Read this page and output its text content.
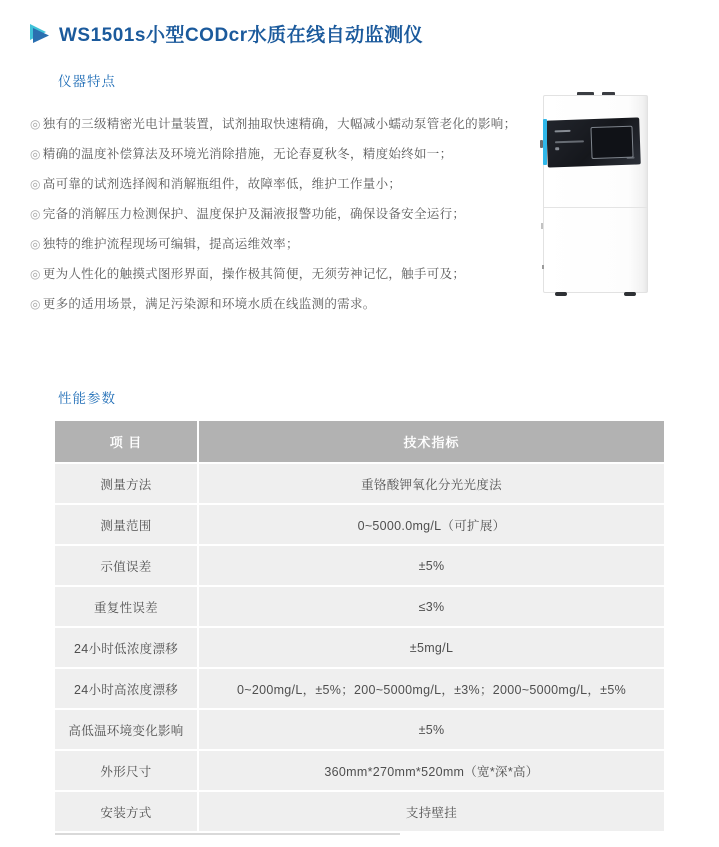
WS1501s小型CODcr水质在线自动监测仪
仪器特点
◎ 独有的三级精密光电计量装置，试剂抽取快速精确，大幅减小蠕动泵管老化的影响；
◎ 精确的温度补偿算法及环境光消除措施，无论春夏秋冬，精度始终如一；
◎ 高可靠的试剂选择阀和消解瓶组件，故障率低，维护工作量小；
◎ 完备的消解压力检测保护、温度保护及漏液报警功能，确保设备安全运行；
◎ 独特的维护流程现场可编辑，提高运维效率；
◎ 更为人性化的触摸式图形界面，操作极其简便，无须劳神记忆，触手可及；
◎ 更多的适用场景，满足污染源和环境水质在线监测的需求。
性能参数
项 目	技术指标
测量方法	重铬酸钾氧化分光光度法
测量范围	0~5000.0mg/L（可扩展）
示值误差	±5%
重复性误差	≤3%
24小时低浓度漂移	±5mg/L
24小时高浓度漂移	0~200mg/L，±5%；200~5000mg/L，±3%；2000~5000mg/L，±5%
高低温环境变化影响	±5%
外形尺寸	360mm*270mm*520mm（宽*深*高）
安装方式	支持壁挂
